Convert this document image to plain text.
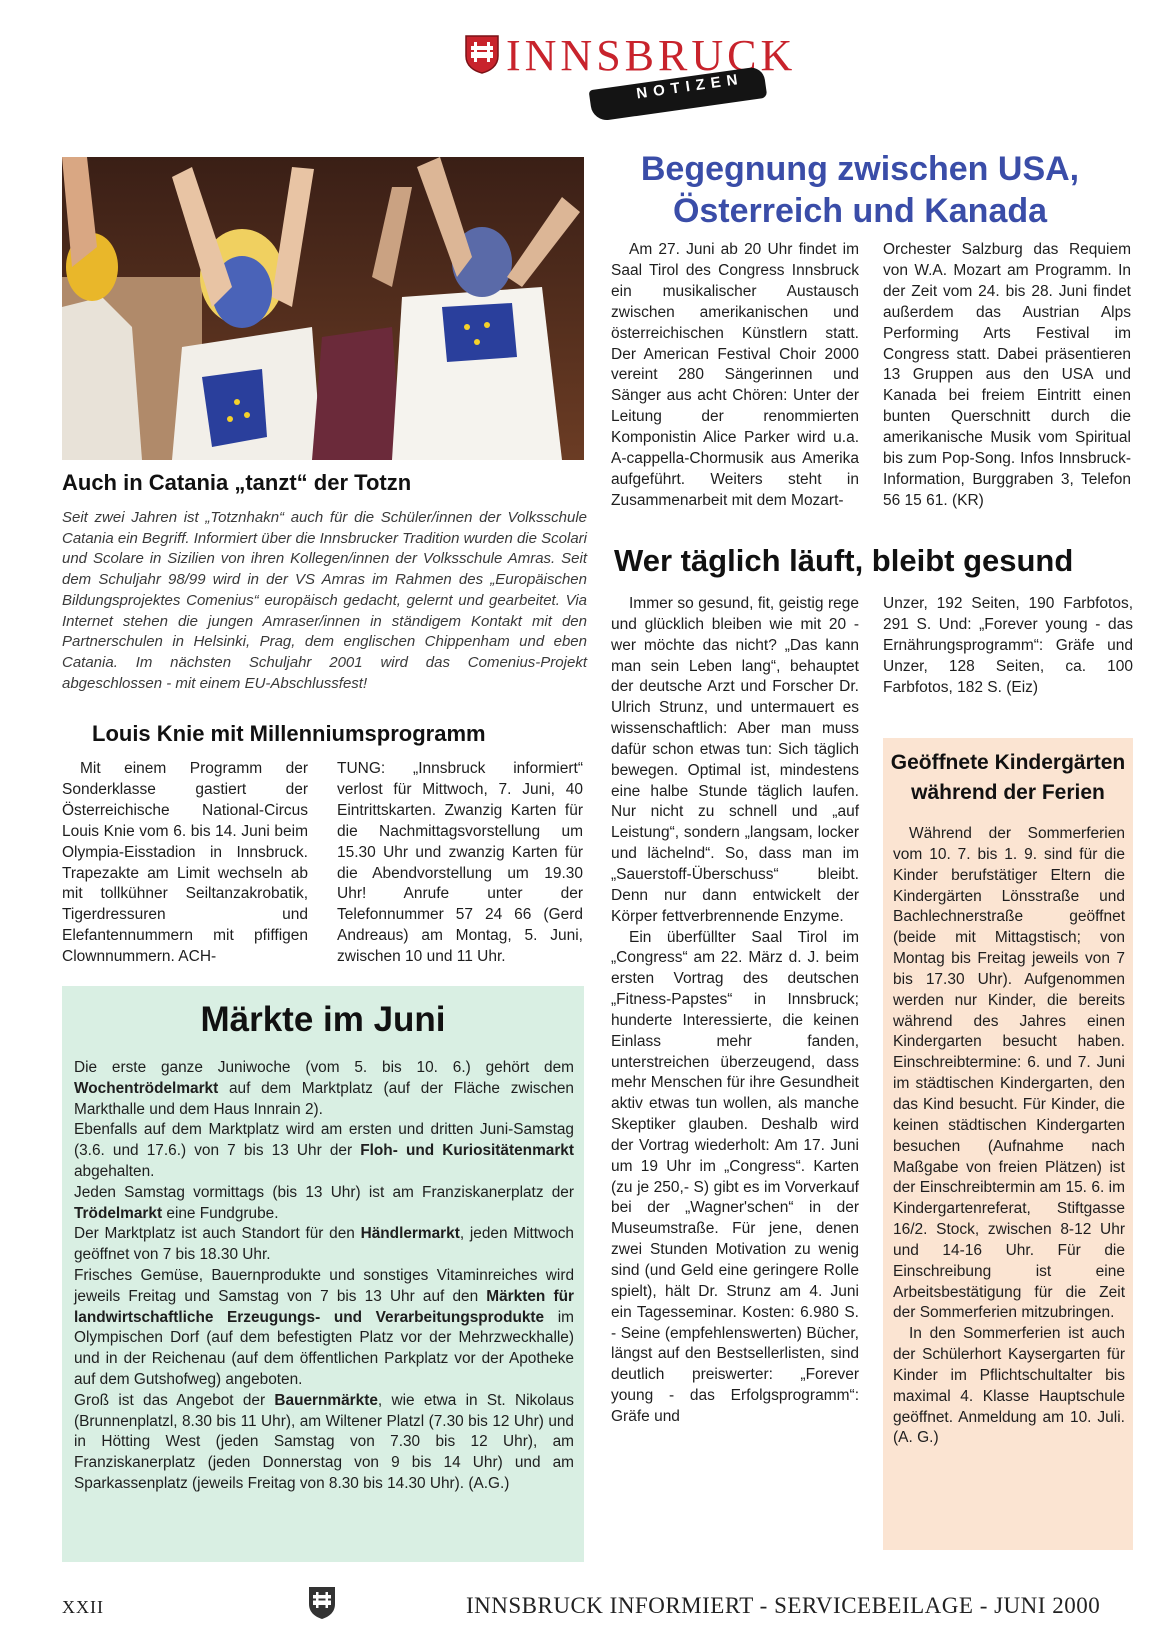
INNSBRUCK
NOTIZEN
Auch in Catania „tanzt“ der Totzn
Seit zwei Jahren ist „Totznhakn“ auch für die Schüler/innen der Volksschule Catania ein Begriff. Informiert über die Innsbrucker Tradition wurden die Scolari und Scolare in Sizilien von ihren Kollegen/innen der Volksschule Amras. Seit dem Schuljahr 98/99 wird in der VS Amras im Rahmen des „Europäischen Bildungsprojektes Comenius“ europäisch gedacht, gelernt und gearbeitet. Via Internet stehen die jungen Amraser/innen in ständigem Kontakt mit den Partnerschulen in Helsinki, Prag, dem englischen Chippenham und eben Catania. Im nächsten Schuljahr 2001 wird das Comenius-Projekt abgeschlossen - mit einem EU-Abschlussfest!
Louis Knie mit Millenniumsprogramm
Mit einem Programm der Sonderklasse gastiert der Österreichische National-Circus Louis Knie vom 6. bis 14. Juni beim Olympia-Eisstadion in Innsbruck. Trapezakte am Limit wechseln ab mit tollkühner Seiltanzakrobatik, Tigerdressuren und Elefantennummern mit pfiffigen Clownnummern. ACH-
TUNG: „Innsbruck informiert“ verlost für Mittwoch, 7. Juni, 40 Eintrittskarten. Zwanzig Karten für die Nachmittagsvorstellung um 15.30 Uhr und zwanzig Karten für die Abendvorstellung um 19.30 Uhr! Anrufe unter der Telefonnummer 57 24 66 (Gerd Andreaus) am Montag, 5. Juni, zwischen 10 und 11 Uhr.
Märkte im Juni

Die erste ganze Juniwoche (vom 5. bis 10. 6.) gehört dem Wochentrödelmarkt auf dem Marktplatz (auf der Fläche zwischen Markthalle und dem Haus Innrain 2).

Ebenfalls auf dem Marktplatz wird am ersten und dritten Juni-Samstag (3.6. und 17.6.) von 7 bis 13 Uhr der Floh- und Kuriositätenmarkt abgehalten.

Jeden Samstag vormittags (bis 13 Uhr) ist am Franziskanerplatz der Trödelmarkt eine Fundgrube.

Der Marktplatz ist auch Standort für den Händlermarkt, jeden Mittwoch geöffnet von 7 bis 18.30 Uhr.

Frisches Gemüse, Bauernprodukte und sonstiges Vitaminreiches wird jeweils Freitag und Samstag von 7 bis 13 Uhr auf den Märkten für landwirtschaftliche Erzeugungs- und Verarbeitungsprodukte im Olympischen Dorf (auf dem befestigten Platz vor der Mehrzweckhalle) und in der Reichenau (auf dem öffentlichen Parkplatz vor der Apotheke auf dem Gutshofweg) angeboten.

Groß ist das Angebot der Bauernmärkte, wie etwa in St. Nikolaus (Brunnenplatzl, 8.30 bis 11 Uhr), am Wiltener Platzl (7.30 bis 12 Uhr) und in Hötting West (jeden Samstag von 7.30 bis 12 Uhr), am Franziskanerplatz (jeden Donnerstag von 9 bis 14 Uhr) und am Sparkassenplatz (jeweils Freitag von 8.30 bis 14.30 Uhr). (A.G.)

Begegnung zwischen USA,
Österreich und Kanada
Am 27. Juni ab 20 Uhr findet im Saal Tirol des Congress Innsbruck ein musikalischer Austausch zwischen amerikanischen und österreichischen Künstlern statt. Der American Festival Choir 2000 vereint 280 Sängerinnen und Sänger aus acht Chören: Unter der Leitung der renommierten Komponistin Alice Parker wird u.a. A-cappella-Chormusik aus Amerika aufgeführt. Weiters steht in Zusammenarbeit mit dem Mozart-
Orchester Salzburg das Requiem von W.A. Mozart am Programm. In der Zeit vom 24. bis 28. Juni findet außerdem das Austrian Alps Performing Arts Festival im Congress statt. Dabei präsentieren 13 Gruppen aus den USA und Kanada bei freiem Eintritt einen bunten Querschnitt durch die amerikanische Musik vom Spiritual bis zum Pop-Song. Infos Innsbruck-Information, Burggraben 3, Telefon 56 15 61. (KR)
Wer täglich läuft, bleibt gesund

Immer so gesund, fit, geistig rege und glücklich bleiben wie mit 20 - wer möchte das nicht? „Das kann man sein Leben lang“, behauptet der deutsche Arzt und Forscher Dr. Ulrich Strunz, und untermauert es wissenschaftlich: Aber man muss dafür schon etwas tun: Sich täglich bewegen. Optimal ist, mindestens eine halbe Stunde täglich laufen. Nur nicht zu schnell und „auf Leistung“, sondern „langsam, locker und lächelnd“. So, dass man im „Sauerstoff-Überschuss“ bleibt. Denn nur dann entwickelt der Körper fettverbrennende Enzyme.

Ein überfüllter Saal Tirol im „Congress“ am 22. März d. J. beim ersten Vortrag des deutschen „Fitness-Papstes“ in Innsbruck; hunderte Interessierte, die keinen Einlass mehr fanden, unterstreichen überzeugend, dass mehr Menschen für ihre Gesundheit aktiv etwas tun wollen, als manche Skeptiker glauben. Deshalb wird der Vortrag wiederholt: Am 17. Juni um 19 Uhr im „Congress“. Karten (zu je 250,- S) gibt es im Vorverkauf bei der „Wagner'schen“ in der Museumstraße. Für jene, denen zwei Stunden Motivation zu wenig sind (und Geld eine geringere Rolle spielt), hält Dr. Strunz am 4. Juni ein Tagesseminar. Kosten: 6.980 S. - Seine (empfehlenswerten) Bücher, längst auf den Bestsellerlisten, sind deutlich preiswerter: „Forever young - das Erfolgsprogramm“: Gräfe und

Unzer, 192 Seiten, 190 Farbfotos, 291 S. Und: „Forever young - das Ernährungsprogramm“: Gräfe und Unzer, 128 Seiten, ca. 100 Farbfotos, 182 S. (Eiz)
Geöffnete Kindergärten
während der Ferien

Während der Sommerferien vom 10. 7. bis 1. 9. sind für die Kinder berufstätiger Eltern die Kindergärten Lönsstraße und Bachlechnerstraße geöffnet (beide mit Mittagstisch; von Montag bis Freitag jeweils von 7 bis 17.30 Uhr). Aufgenommen werden nur Kinder, die bereits während des Jahres einen Kindergarten besucht haben. Einschreibtermine: 6. und 7. Juni im städtischen Kindergarten, den das Kind besucht. Für Kinder, die keinen städtischen Kindergarten besuchen (Aufnahme nach Maßgabe von freien Plätzen) ist der Einschreibtermin am 15. 6. im Kindergartenreferat, Stiftgasse 16/2. Stock, zwischen 8-12 Uhr und 14-16 Uhr. Für die Einschreibung ist eine Arbeitsbestätigung für die Zeit der Sommerferien mitzubringen.

In den Sommerferien ist auch der Schülerhort Kaysergarten für Kinder im Pflichtschultalter bis maximal 4. Klasse Hauptschule geöffnet. Anmeldung am 10. Juli. (A. G.)

XXII	INNSBRUCK INFORMIERT - SERVICEBEILAGE - JUNI 2000
